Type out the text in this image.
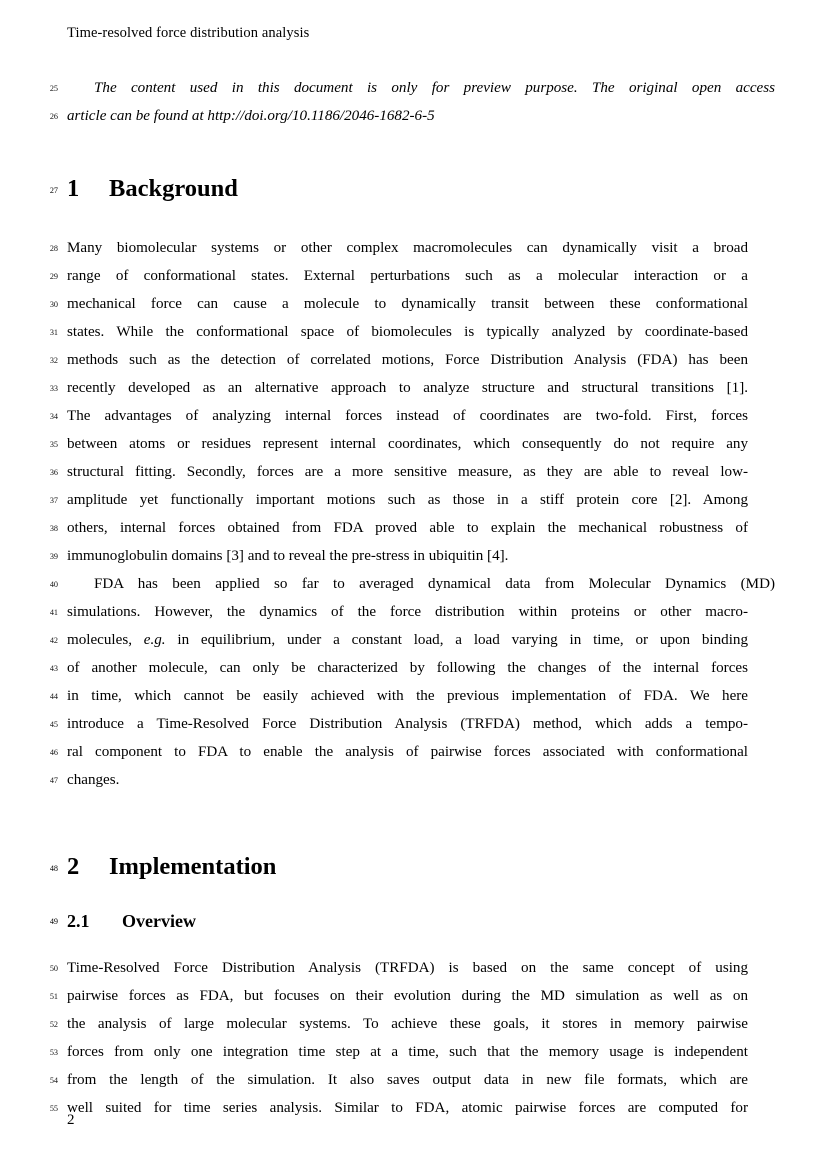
Time-resolved force distribution analysis
25	The content used in this document is only for preview purpose. The original open access
26 article can be found at http://doi.org/10.1186/2046-1682-6-5
27 1 Background
28 Many biomolecular systems or other complex macromolecules can dynamically visit a broad
29 range of conformational states. External perturbations such as a molecular interaction or a
30 mechanical force can cause a molecule to dynamically transit between these conformational
31 states. While the conformational space of biomolecules is typically analyzed by coordinate-based
32 methods such as the detection of correlated motions, Force Distribution Analysis (FDA) has been
33 recently developed as an alternative approach to analyze structure and structural transitions [1].
34 The advantages of analyzing internal forces instead of coordinates are two-fold. First, forces
35 between atoms or residues represent internal coordinates, which consequently do not require any
36 structural fitting. Secondly, forces are a more sensitive measure, as they are able to reveal low-
37 amplitude yet functionally important motions such as those in a stiff protein core [2]. Among
38 others, internal forces obtained from FDA proved able to explain the mechanical robustness of
39 immunoglobulin domains [3] and to reveal the pre-stress in ubiquitin [4].
40	FDA has been applied so far to averaged dynamical data from Molecular Dynamics (MD)
41 simulations. However, the dynamics of the force distribution within proteins or other macro-
42 molecules, e.g. in equilibrium, under a constant load, a load varying in time, or upon binding
43 of another molecule, can only be characterized by following the changes of the internal forces
44 in time, which cannot be easily achieved with the previous implementation of FDA. We here
45 introduce a Time-Resolved Force Distribution Analysis (TRFDA) method, which adds a tempo-
46 ral component to FDA to enable the analysis of pairwise forces associated with conformational
47 changes.
48 2 Implementation
49 2.1 Overview
50 Time-Resolved Force Distribution Analysis (TRFDA) is based on the same concept of using
51 pairwise forces as FDA, but focuses on their evolution during the MD simulation as well as on
52 the analysis of large molecular systems. To achieve these goals, it stores in memory pairwise
53 forces from only one integration time step at a time, such that the memory usage is independent
54 from the length of the simulation. It also saves output data in new file formats, which are
55 well suited for time series analysis. Similar to FDA, atomic pairwise forces are computed for
2
